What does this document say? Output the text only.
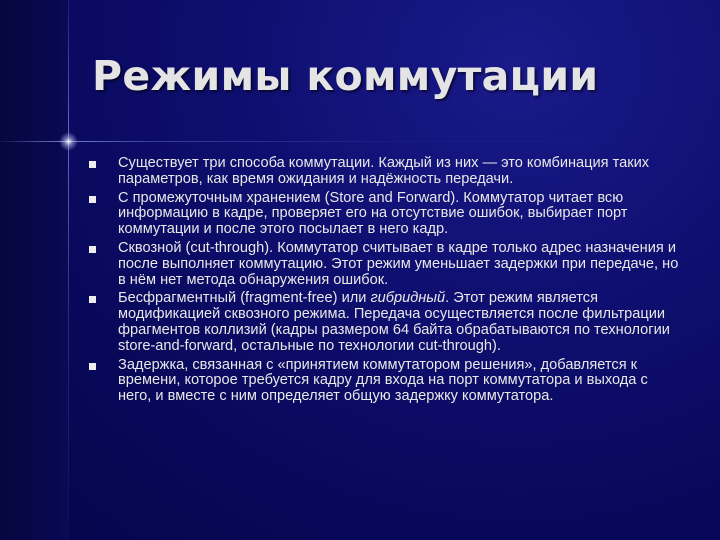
Режимы коммутации
Существует три способа коммутации. Каждый из них — это комбинация таких параметров, как время ожидания и надёжность передачи.
С промежуточным хранением (Store and Forward). Коммутатор читает всю информацию в кадре, проверяет его на отсутствие ошибок, выбирает порт коммутации и после этого посылает в него кадр.
Сквозной (cut-through). Коммутатор считывает в кадре только адрес назначения и после выполняет коммутацию. Этот режим уменьшает задержки при передаче, но в нём нет метода обнаружения ошибок.
Бесфрагментный (fragment-free) или гибридный. Этот режим является модификацией сквозного режима. Передача осуществляется после фильтрации фрагментов коллизий (кадры размером 64 байта обрабатываются по технологии store-and-forward, остальные по технологии cut-through).
Задержка, связанная с «принятием коммутатором решения», добавляется к времени, которое требуется кадру для входа на порт коммутатора и выхода с него, и вместе с ним определяет общую задержку коммутатора.
